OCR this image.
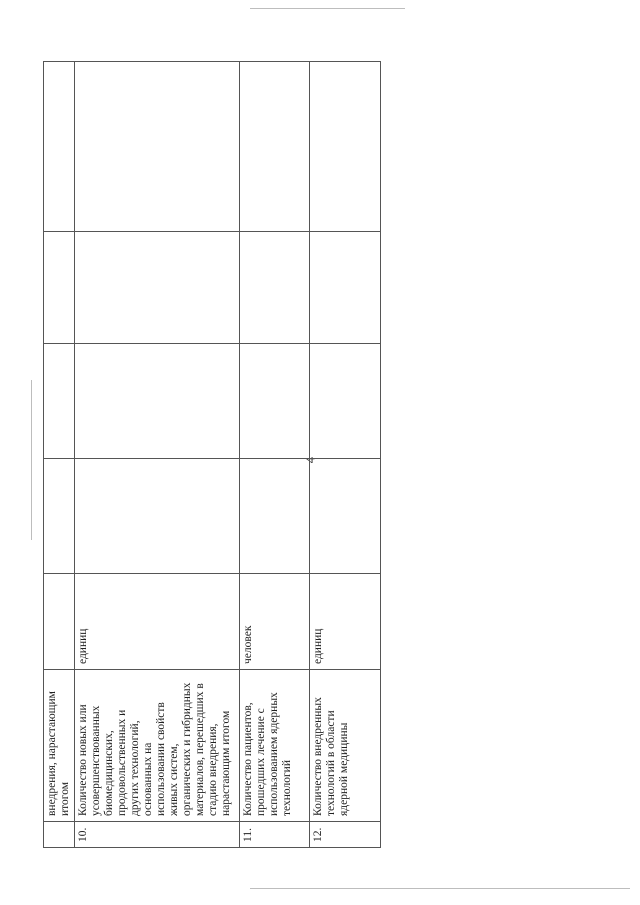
4
	внедрения, нарастающим итогом					
10.	Количество новых или усовершенствованных биомедицинских, продовольственных и других технологий, основанных на использовании свойств живых систем, органических и гибридных материалов, перешедших в стадию внедрения, нарастающим итогом	единиц				
11.	Количество пациентов, прошедших лечение с использованием ядерных технологий	человек				
12.	Количество внедренных технологий в области ядерной медицины	единиц				
